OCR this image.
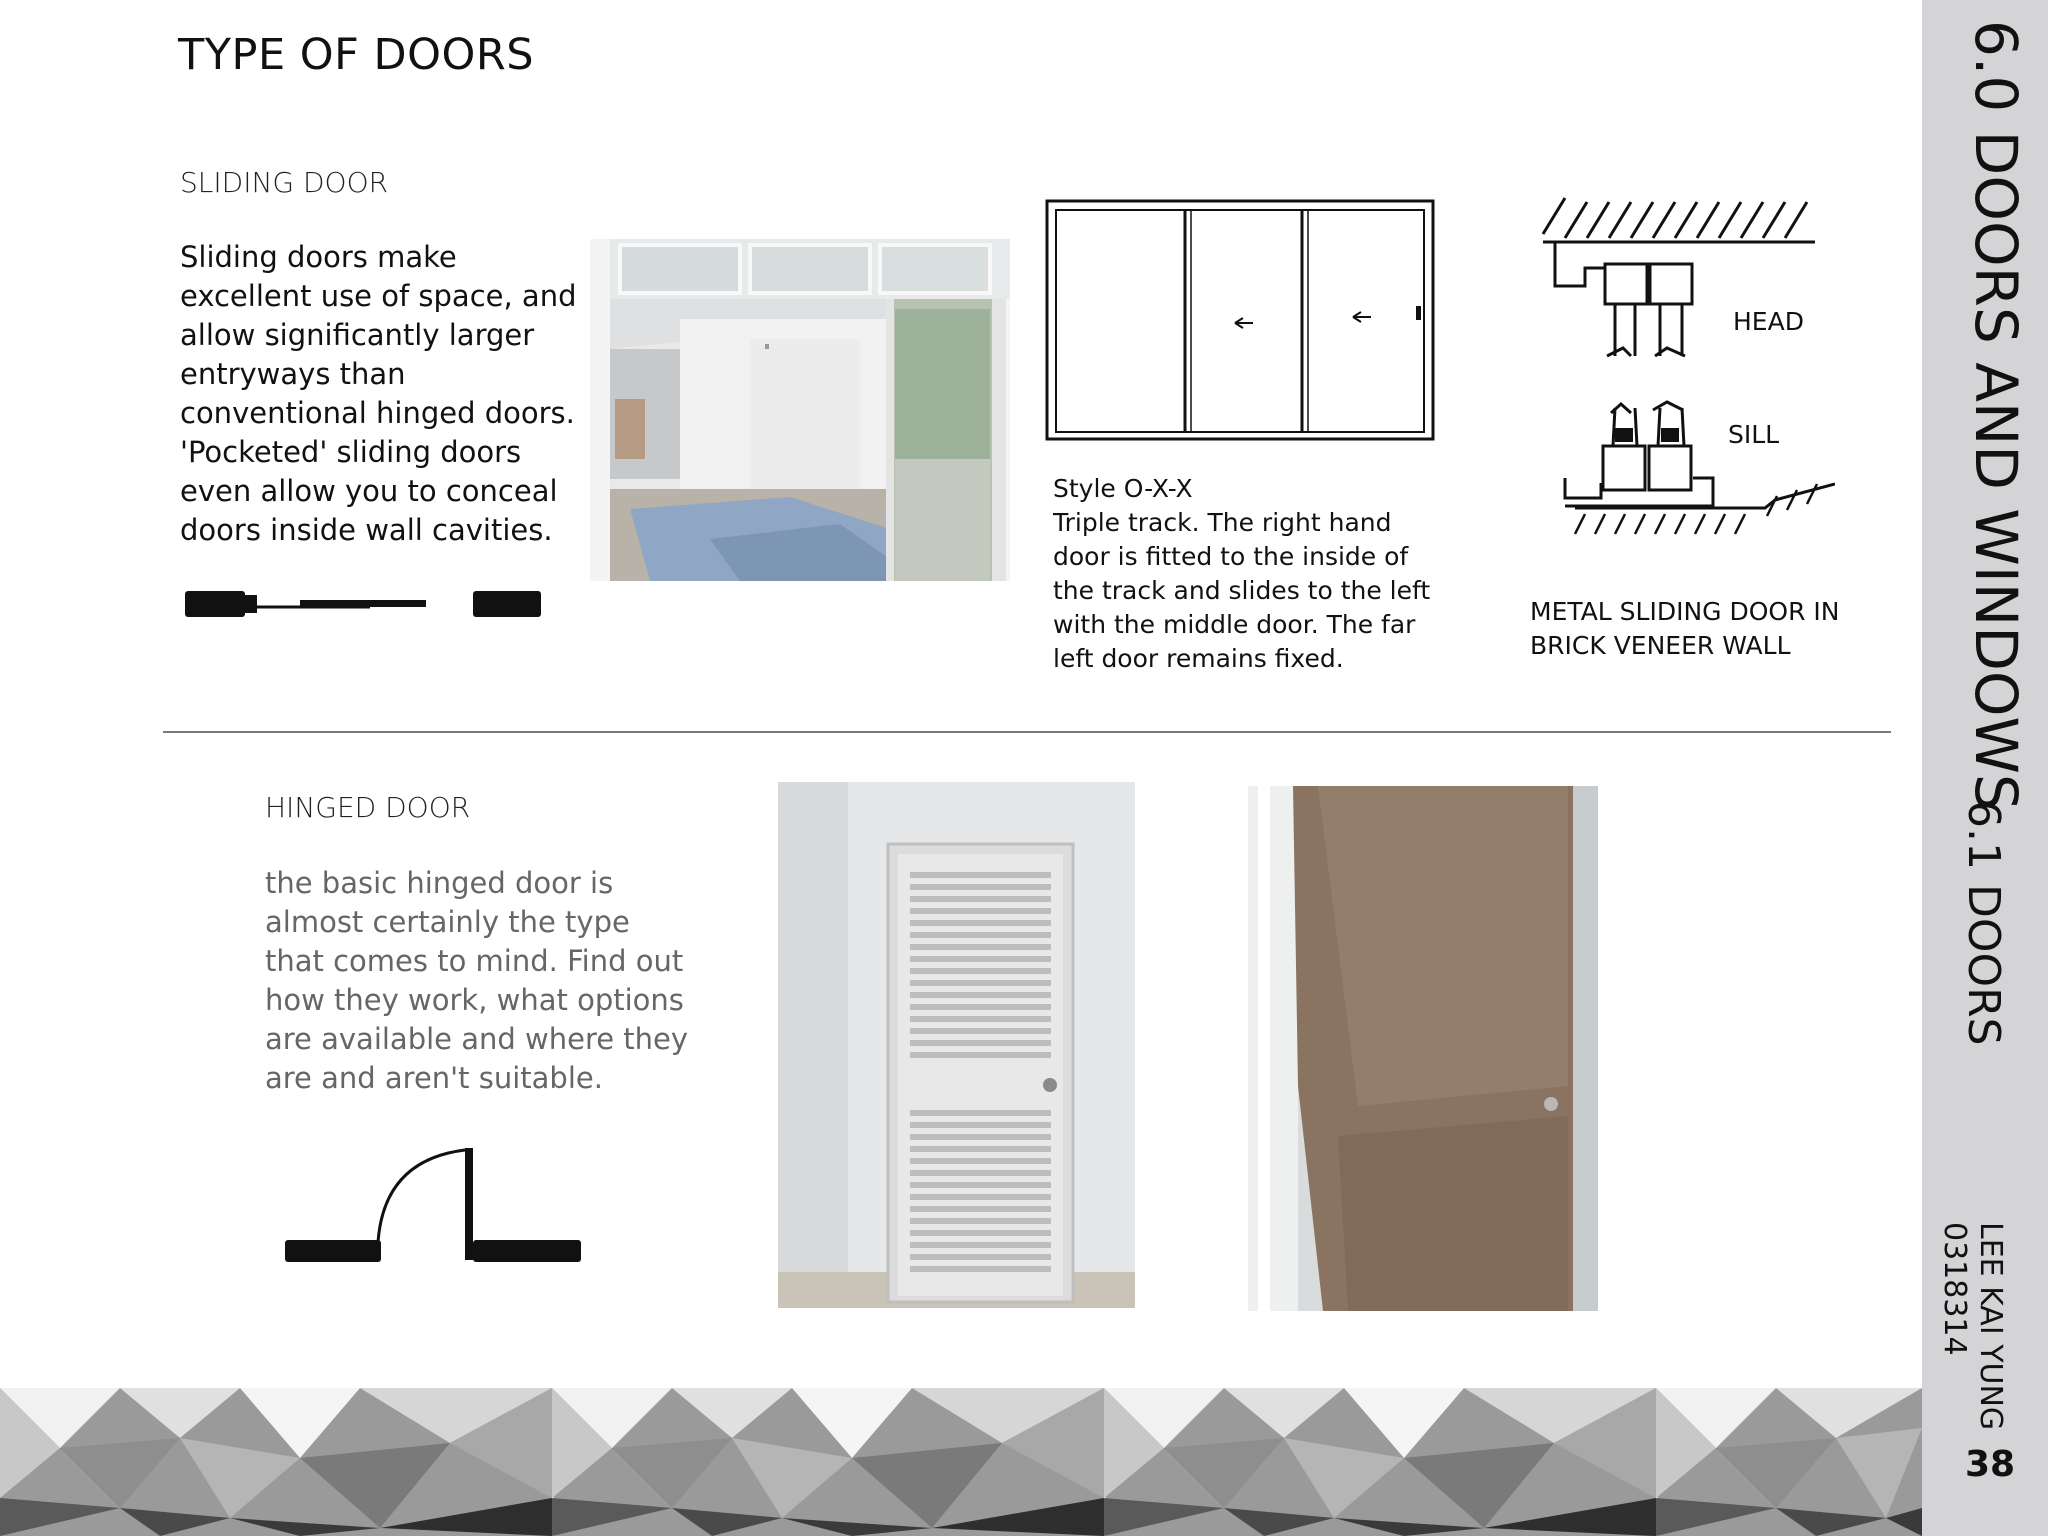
TYPE OF DOORS
SLIDING DOOR
Sliding doors make excellent use of space, and allow significantly larger entryways than conventional hinged doors. 'Pocketed' sliding doors even allow you to conceal doors inside wall cavities.
Style O-X-X
Triple track. The right hand door is fitted to the inside of the track and slides to the left with the middle door. The far left door remains fixed.
HEAD
SILL
METAL SLIDING DOOR IN BRICK VENEER WALL
HINGED DOOR
the basic hinged door is almost certainly the type that comes to mind. Find out how they work, what options are available and where they are and aren't suitable.
6.0 DOORS AND WINDOWS
6.1 DOORS
LEE KAI YUNG
0318314
38
